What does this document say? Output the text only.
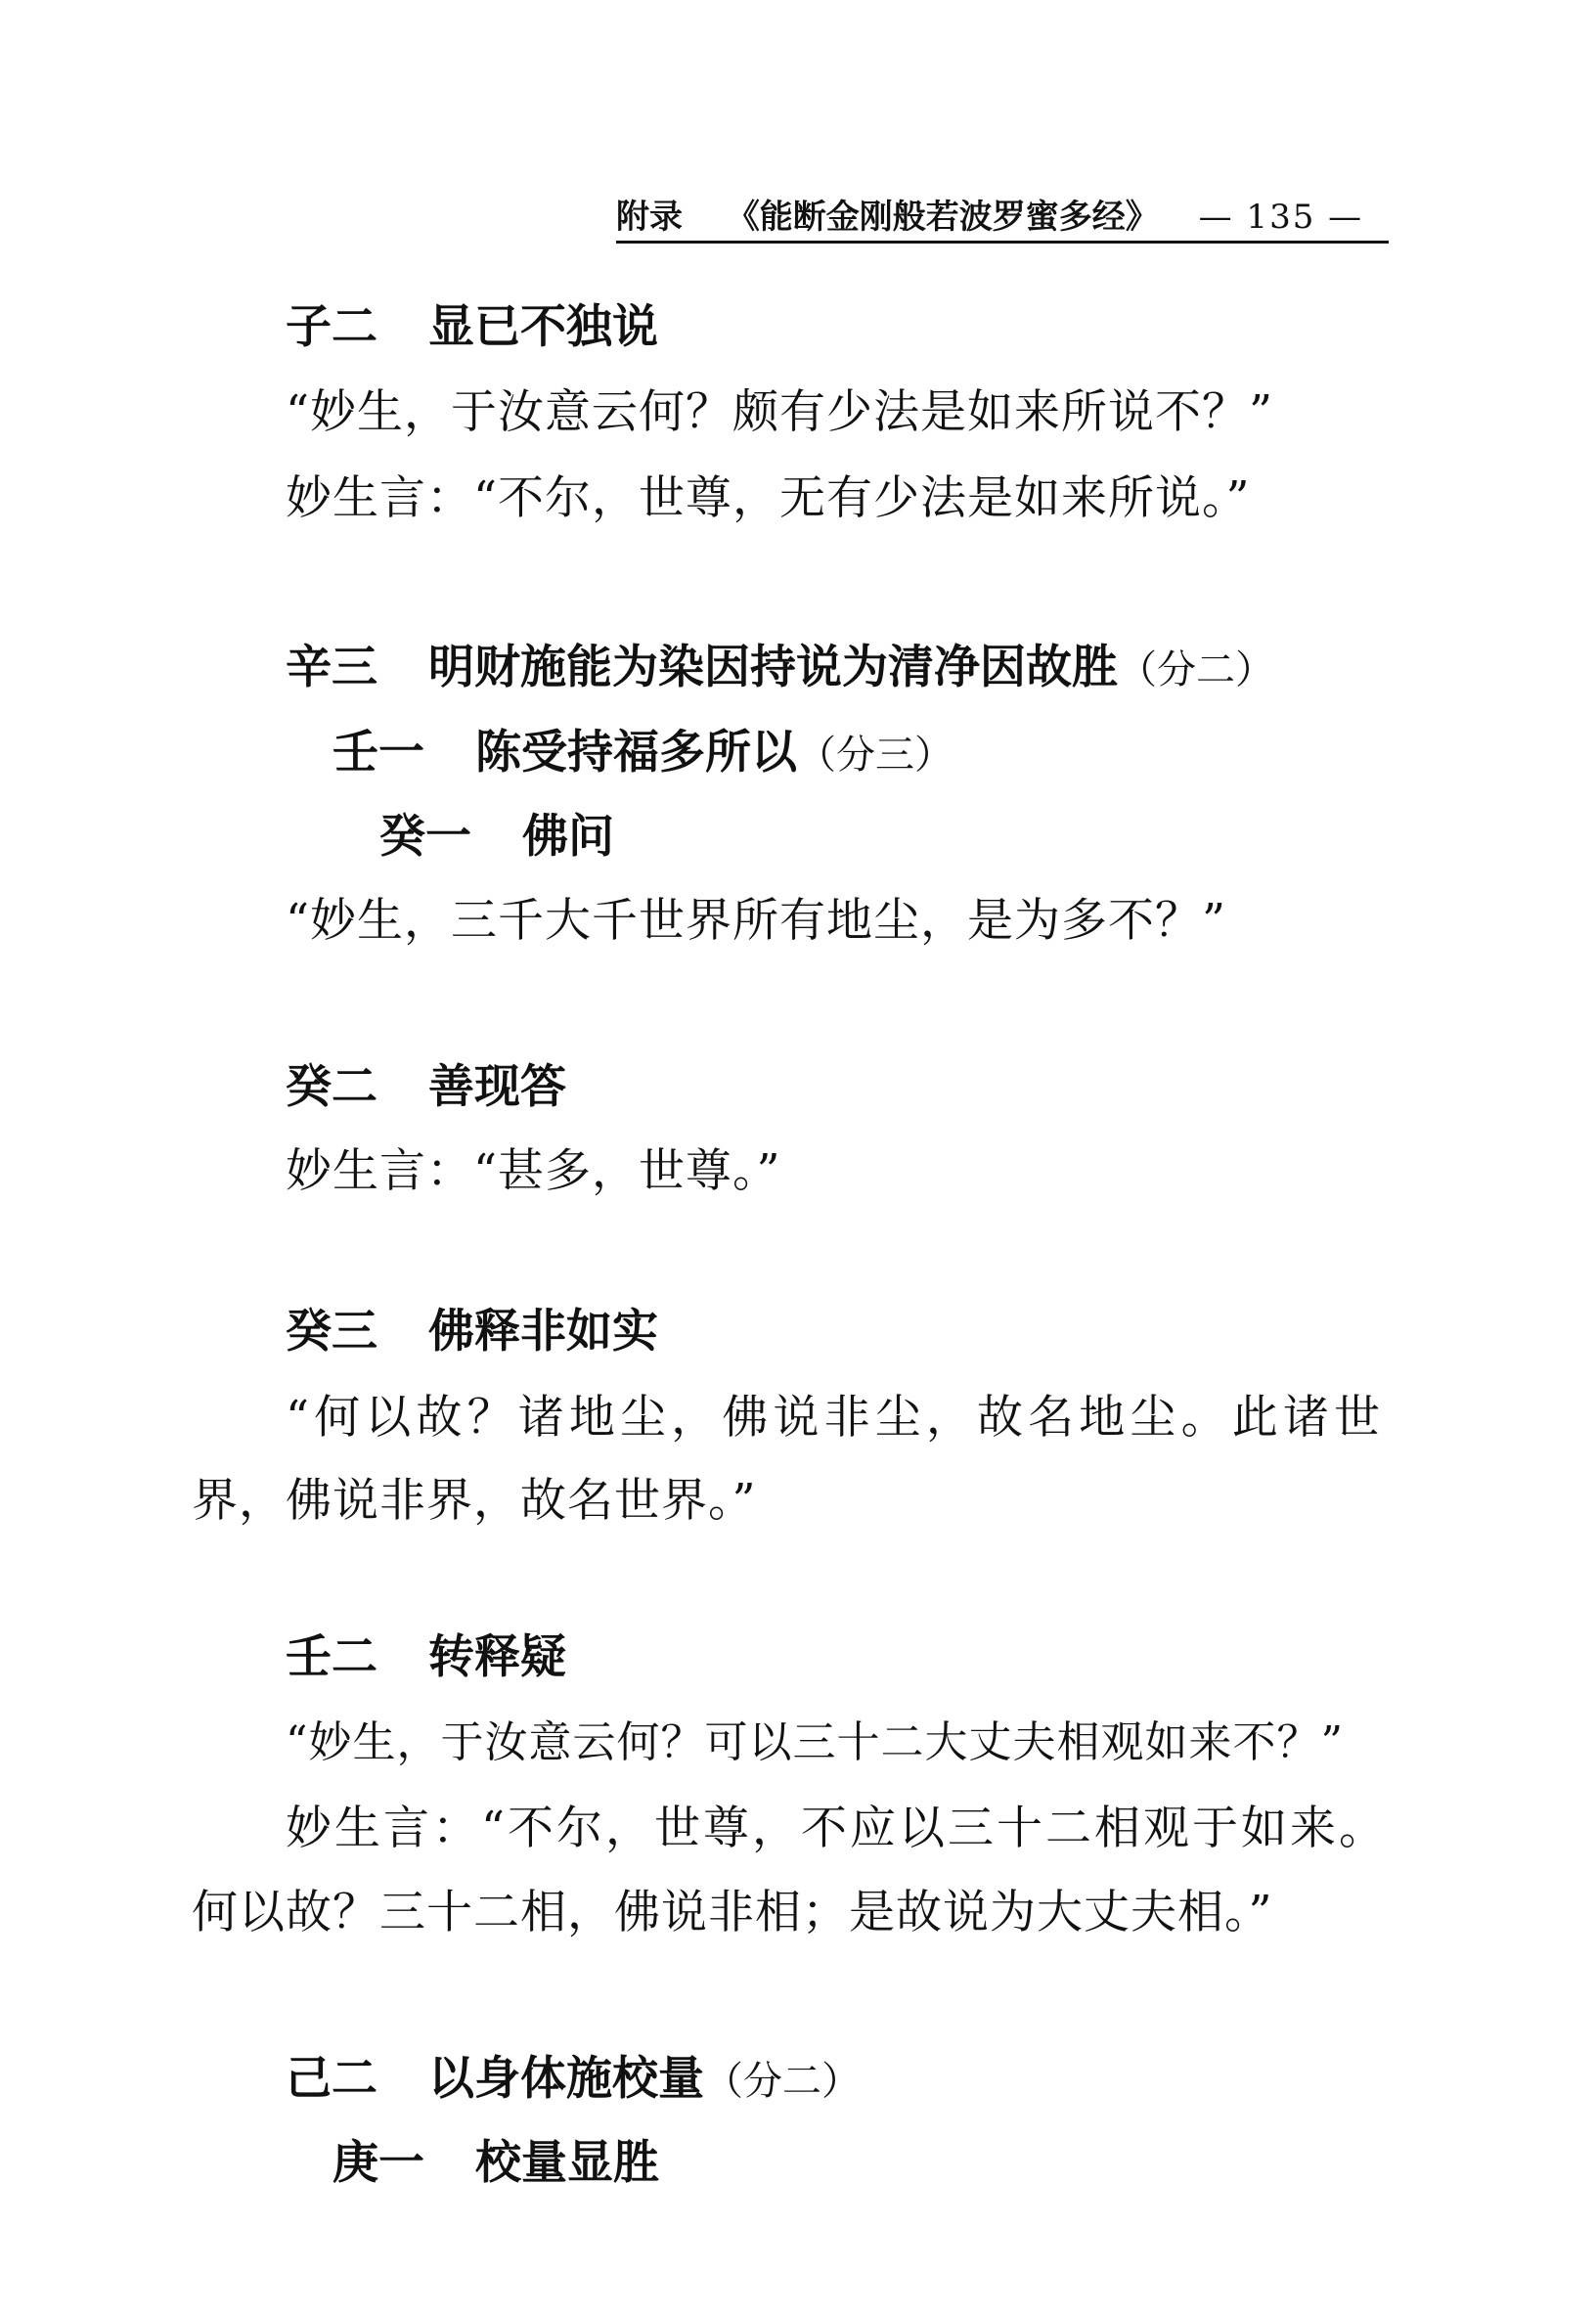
附录 《能断金刚般若波罗蜜多经》 — 135 —
子二 显已不独说
“妙生，于汝意云何？颇有少法是如来所说不？”
妙生言：“不尔，世尊，无有少法是如来所说。”
辛三 明财施能为染因持说为清净因故胜（分二）
壬一 陈受持福多所以（分三）
癸一 佛问
“妙生，三千大千世界所有地尘，是为多不？”
癸二 善现答
妙生言：“甚多，世尊。”
癸三 佛释非如实
“何以故？诸地尘，佛说非尘，故名地尘。此诸世
界，佛说非界，故名世界。”
壬二 转释疑
“妙生，于汝意云何？可以三十二大丈夫相观如来不？”
妙生言：“不尔，世尊，不应以三十二相观于如来。
何以故？三十二相，佛说非相；是故说为大丈夫相。”
己二 以身体施校量（分二）
庚一 校量显胜
